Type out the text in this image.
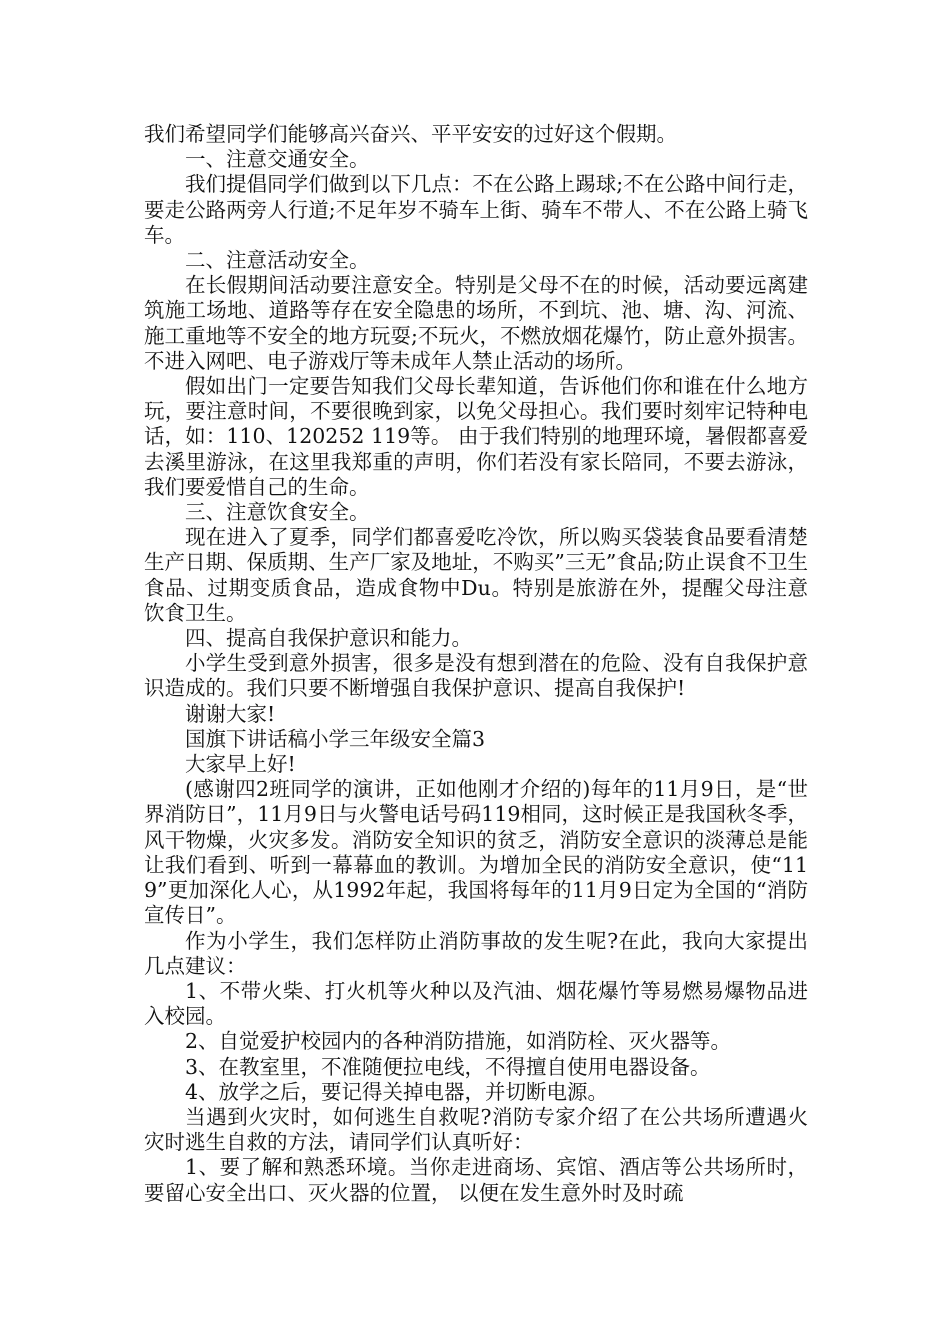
我们希望同学们能够高兴奋兴、平平安安的过好这个假期。

一、注意交通安全。

我们提倡同学们做到以下几点：不在公路上踢球;不在公路中间行走，要走公路两旁人行道;不足年岁不骑车上街、骑车不带人、不在公路上骑飞车。

二、注意活动安全。

在长假期间活动要注意安全。特别是父母不在的时候，活动要远离建筑施工场地、道路等存在安全隐患的场所，不到坑、池、塘、沟、河流、施工重地等不安全的地方玩耍;不玩火，不燃放烟花爆竹，防止意外损害。不进入网吧、电子游戏厅等未成年人禁止活动的场所。

假如出门一定要告知我们父母长辈知道，告诉他们你和谁在什么地方玩，要注意时间，不要很晚到家，以免父母担心。我们要时刻牢记特种电话，如：110、120252 119等。 由于我们特别的地理环境，暑假都喜爱去溪里游泳，在这里我郑重的声明，你们若没有家长陪同，不要去游泳，我们要爱惜自己的生命。

三、注意饮食安全。

现在进入了夏季，同学们都喜爱吃冷饮，所以购买袋装食品要看清楚生产日期、保质期、生产厂家及地址，不购买”三无”食品;防止误食不卫生食品、过期变质食品，造成食物中Du。特别是旅游在外，提醒父母注意饮食卫生。

四、提高自我保护意识和能力。

小学生受到意外损害，很多是没有想到潜在的危险、没有自我保护意识造成的。我们只要不断增强自我保护意识、提高自我保护!

谢谢大家!

国旗下讲话稿小学三年级安全篇3

大家早上好!

(感谢四2班同学的演讲，正如他刚才介绍的)每年的11月9日，是“世界消防日”，11月9日与火警电话号码119相同，这时候正是我国秋冬季，风干物燥，火灾多发。消防安全知识的贫乏，消防安全意识的淡薄总是能让我们看到、听到一幕幕血的教训。为增加全民的消防安全意识，使“119”更加深化人心，从1992年起，我国将每年的11月9日定为全国的“消防宣传日”。

作为小学生，我们怎样防止消防事故的发生呢?在此，我向大家提出几点建议：

1、不带火柴、打火机等火种以及汽油、烟花爆竹等易燃易爆物品进入校园。

2、自觉爱护校园内的各种消防措施，如消防栓、灭火器等。

3、在教室里，不准随便拉电线，不得擅自使用电器设备。

4、放学之后，要记得关掉电器，并切断电源。

当遇到火灾时，如何逃生自救呢?消防专家介绍了在公共场所遭遇火灾时逃生自救的方法，请同学们认真听好：

1、要了解和熟悉环境。当你走进商场、宾馆、酒店等公共场所时，要留心安全出口、灭火器的位置， 以便在发生意外时及时疏
